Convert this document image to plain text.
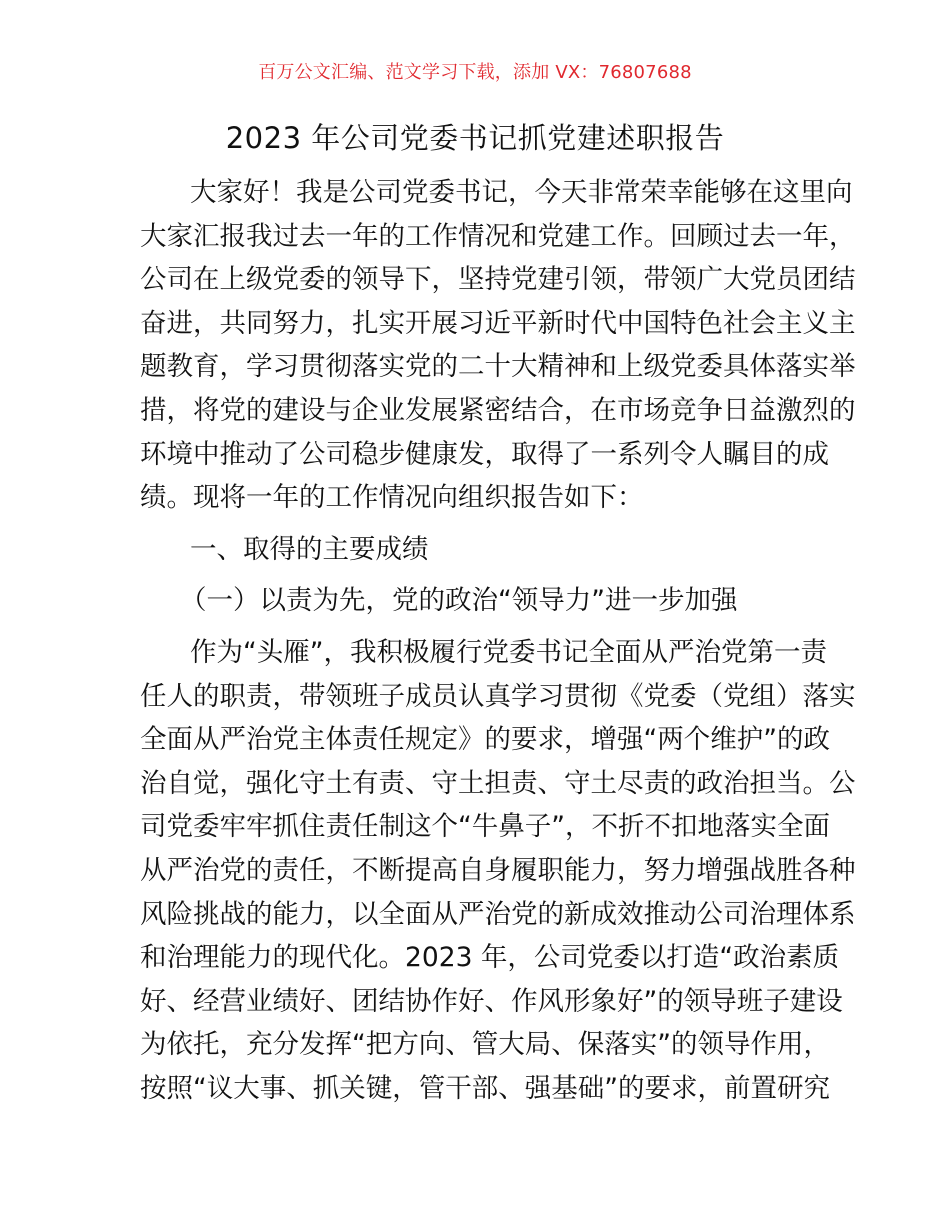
百万公文汇编、范文学习下载，添加 VX：76807688
2023 年公司党委书记抓党建述职报告
大家好！我是公司党委书记，今天非常荣幸能够在这里向
大家汇报我过去一年的工作情况和党建工作。回顾过去一年，
公司在上级党委的领导下，坚持党建引领，带领广大党员团结
奋进，共同努力，扎实开展习近平新时代中国特色社会主义主
题教育，学习贯彻落实党的二十大精神和上级党委具体落实举
措，将党的建设与企业发展紧密结合，在市场竞争日益激烈的
环境中推动了公司稳步健康发，取得了一系列令人瞩目的成
绩。现将一年的工作情况向组织报告如下：
一、取得的主要成绩
（一）以责为先，党的政治“领导力”进一步加强
作为“头雁”，我积极履行党委书记全面从严治党第一责
任人的职责，带领班子成员认真学习贯彻《党委（党组）落实
全面从严治党主体责任规定》的要求，增强“两个维护”的政
治自觉，强化守土有责、守土担责、守土尽责的政治担当。公
司党委牢牢抓住责任制这个“牛鼻子”，不折不扣地落实全面
从严治党的责任，不断提高自身履职能力，努力增强战胜各种
风险挑战的能力，以全面从严治党的新成效推动公司治理体系
和治理能力的现代化。2023 年，公司党委以打造“政治素质
好、经营业绩好、团结协作好、作风形象好”的领导班子建设
为依托，充分发挥“把方向、管大局、保落实”的领导作用，
按照“议大事、抓关键，管干部、强基础”的要求，前置研究
